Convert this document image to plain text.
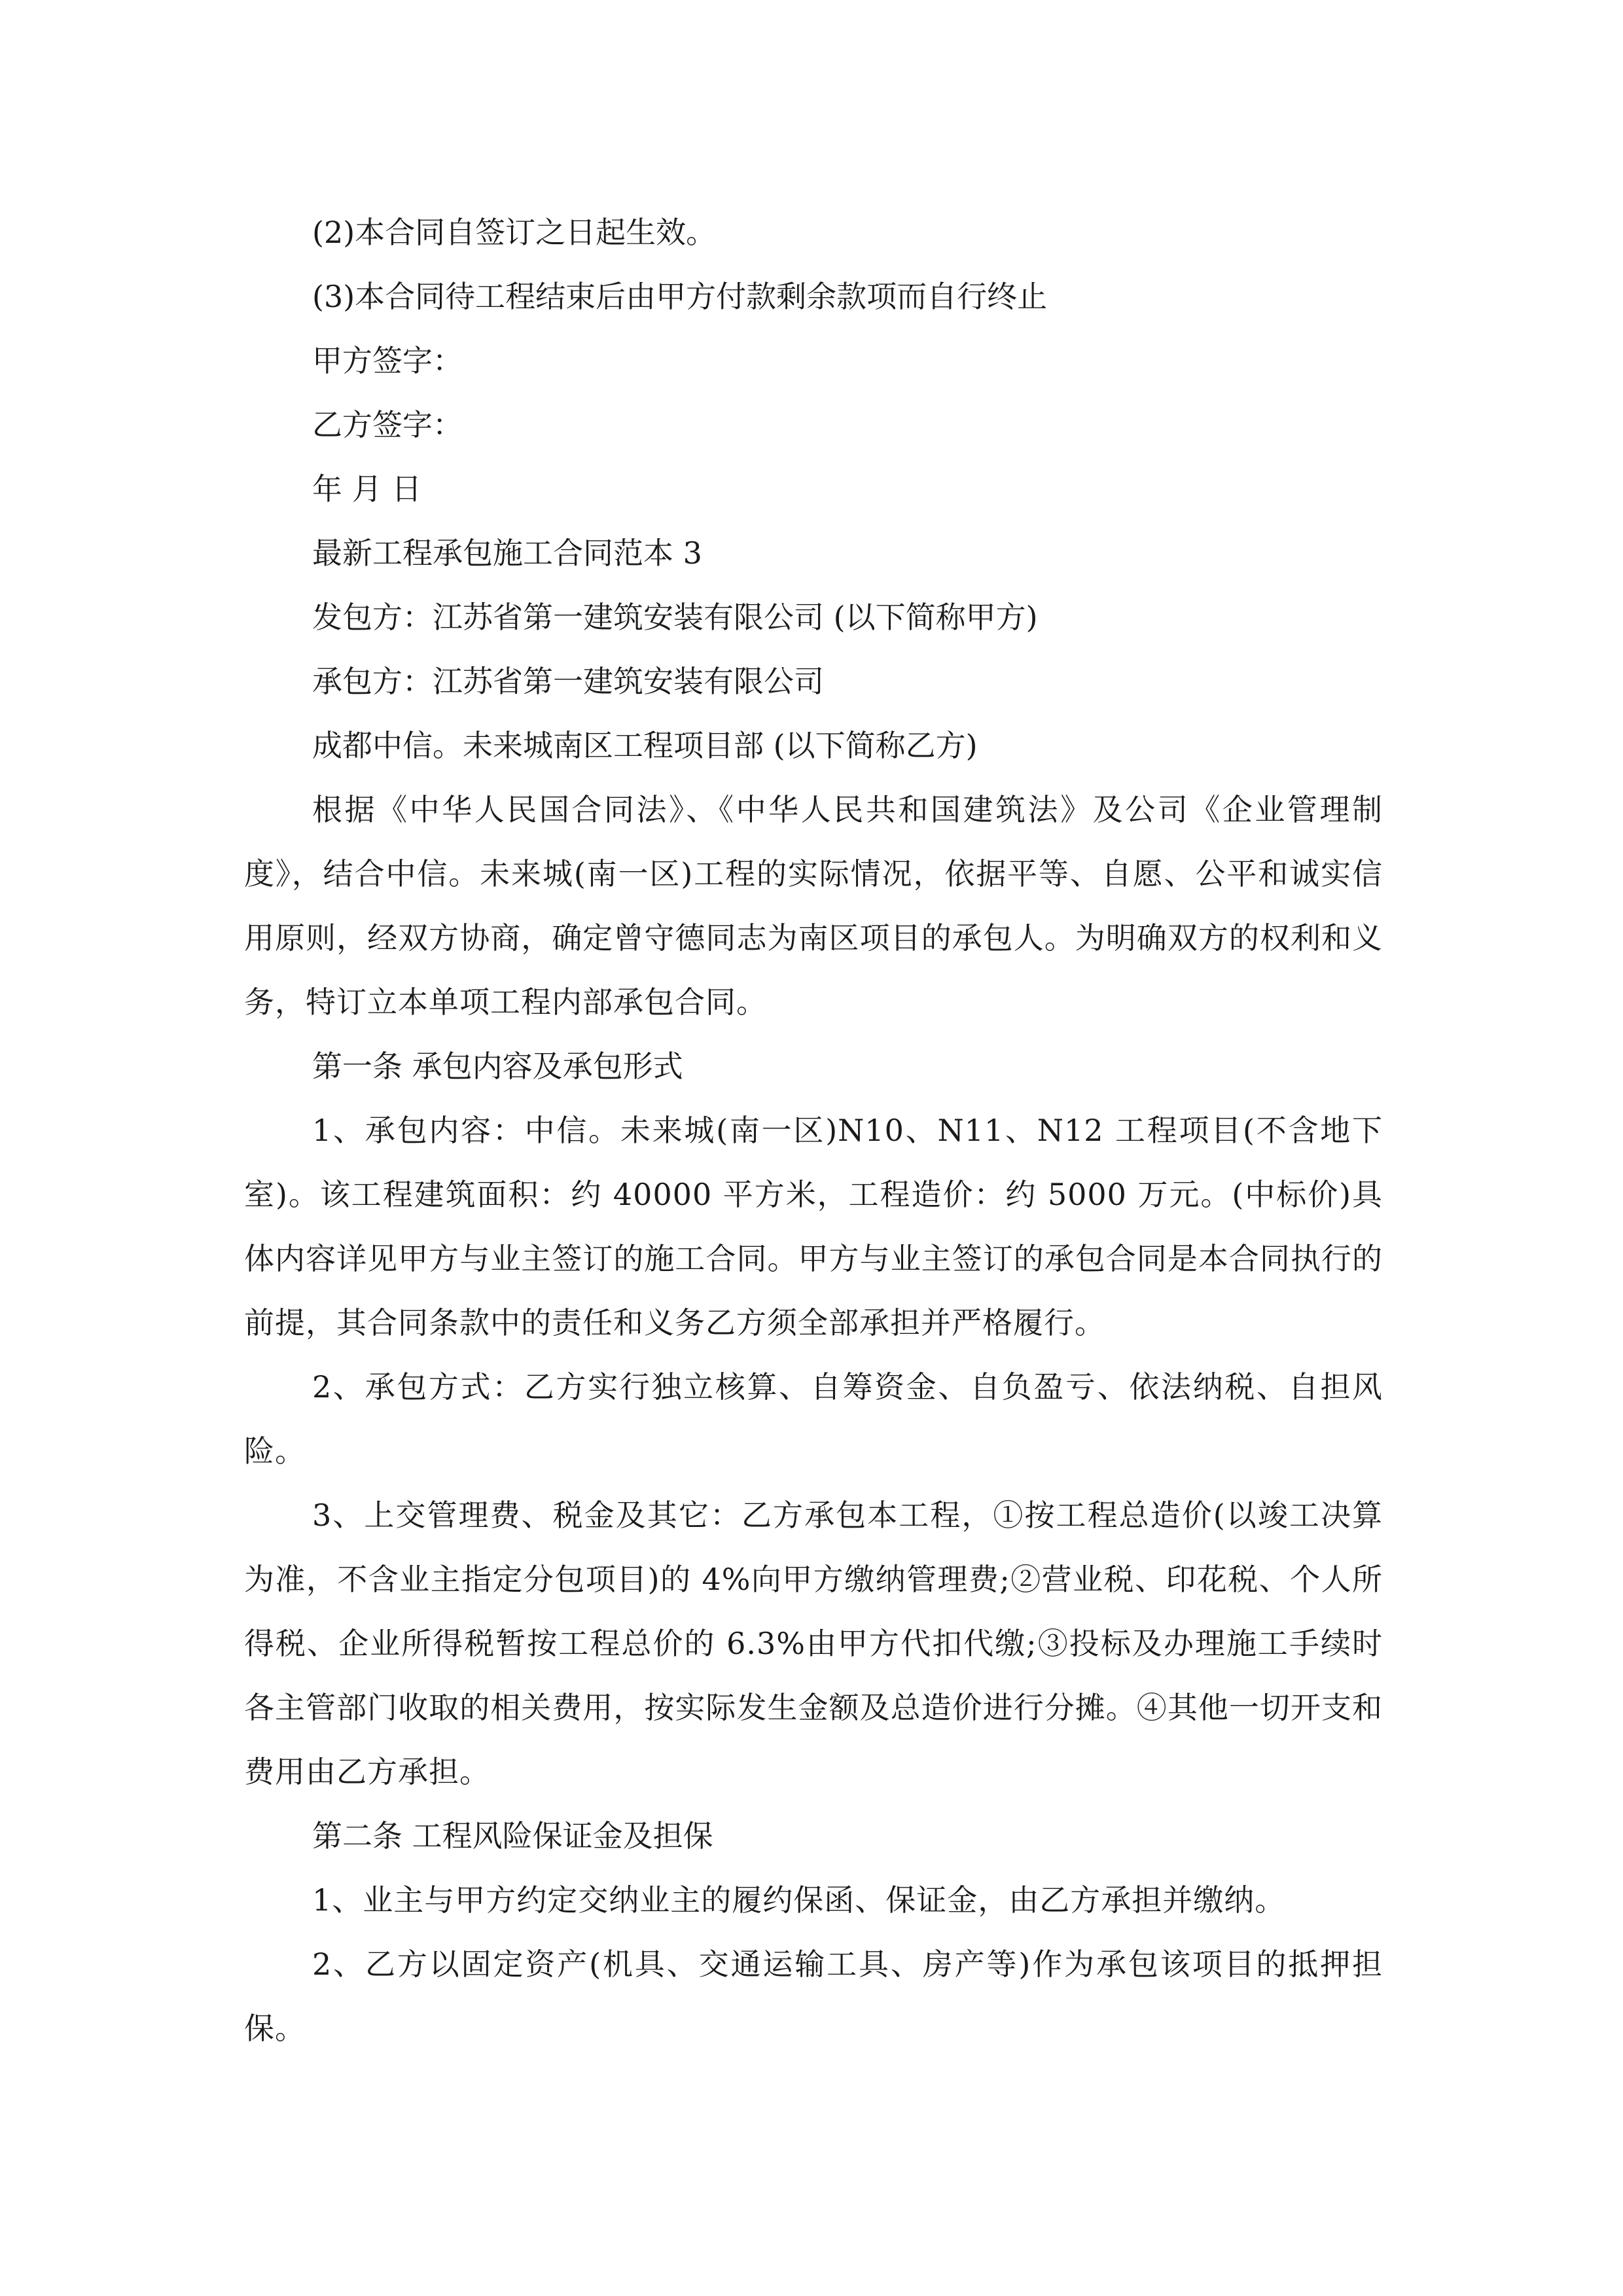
(2)本合同自签订之日起生效。

(3)本合同待工程结束后由甲方付款剩余款项而自行终止

甲方签字：

乙方签字：

年 月 日

最新工程承包施工合同范本 3

发包方：江苏省第一建筑安装有限公司 (以下简称甲方)

承包方：江苏省第一建筑安装有限公司

成都中信。未来城南区工程项目部 (以下简称乙方)

根据《中华人民国合同法》、《中华人民共和国建筑法》及公司《企业管理制度》，结合中信。未来城(南一区)工程的实际情况，依据平等、自愿、公平和诚实信用原则，经双方协商，确定曾守德同志为南区项目的承包人。为明确双方的权利和义务，特订立本单项工程内部承包合同。

第一条 承包内容及承包形式

1、承包内容：中信。未来城(南一区)N10、N11、N12 工程项目(不含地下室)。该工程建筑面积：约 40000 平方米，工程造价：约 5000 万元。(中标价)具体内容详见甲方与业主签订的施工合同。甲方与业主签订的承包合同是本合同执行的前提，其合同条款中的责任和义务乙方须全部承担并严格履行。

2、承包方式：乙方实行独立核算、自筹资金、自负盈亏、依法纳税、自担风险。

3、上交管理费、税金及其它：乙方承包本工程，①按工程总造价(以竣工决算为准，不含业主指定分包项目)的 4%向甲方缴纳管理费;②营业税、印花税、个人所得税、企业所得税暂按工程总价的 6.3%由甲方代扣代缴;③投标及办理施工手续时各主管部门收取的相关费用，按实际发生金额及总造价进行分摊。④其他一切开支和费用由乙方承担。

第二条 工程风险保证金及担保

1、业主与甲方约定交纳业主的履约保函、保证金，由乙方承担并缴纳。

2、乙方以固定资产(机具、交通运输工具、房产等)作为承包该项目的抵押担保。
